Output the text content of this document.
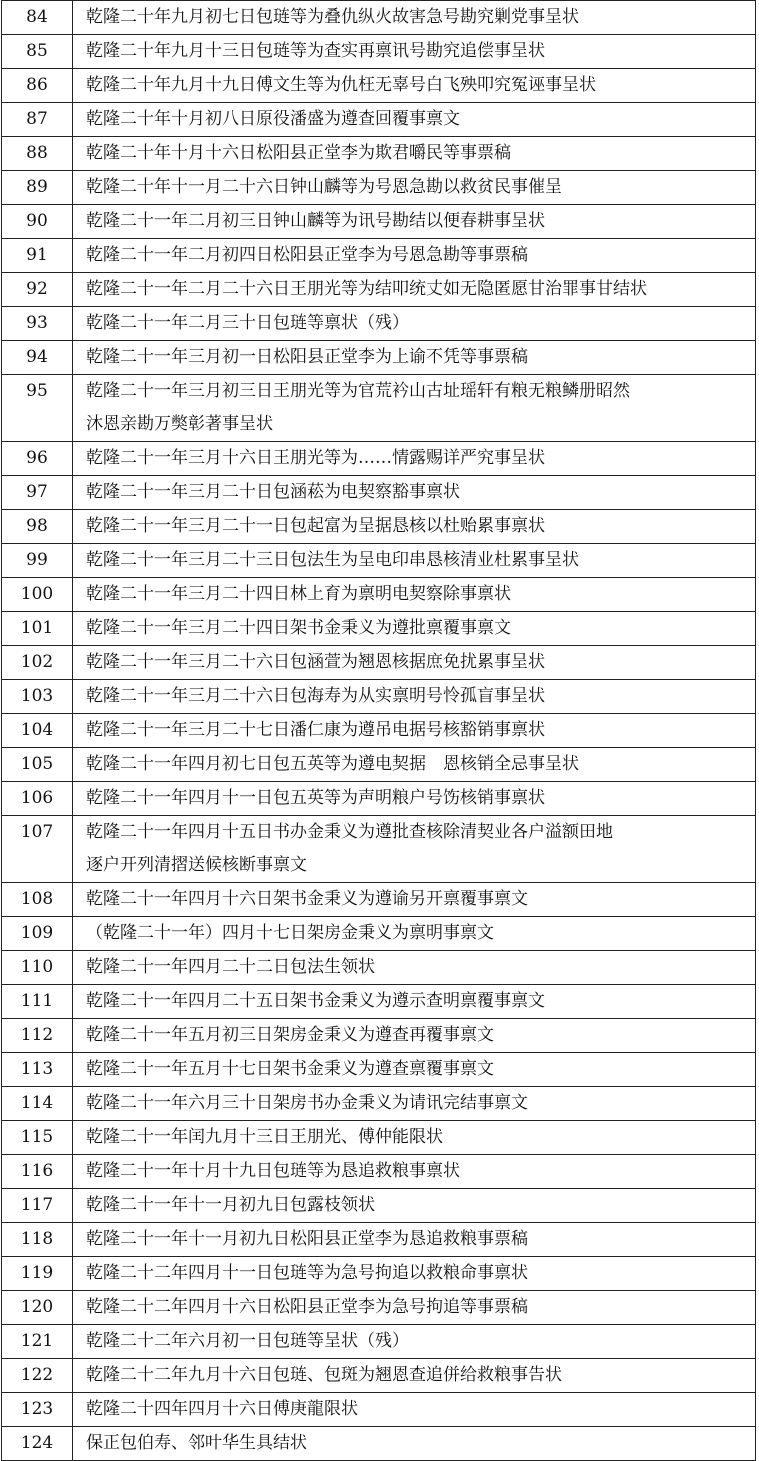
84	乾隆二十年九月初七日包琏等为叠仇纵火故害急号勘究剿党事呈状

85	乾隆二十年九月十三日包琏等为查实再禀讯号勘究追偿事呈状

86	乾隆二十年九月十九日傅文生等为仇枉无辜号白飞殃叩究冤诬事呈状

87	乾隆二十年十月初八日原役潘盛为遵查回覆事禀文

88	乾隆二十年十月十六日松阳县正堂李为欺君嚼民等事票稿

89	乾隆二十年十一月二十六日钟山麟等为号恩急勘以救贫民事催呈

90	乾隆二十一年二月初三日钟山麟等为讯号勘结以便春耕事呈状

91	乾隆二十一年二月初四日松阳县正堂李为号恩急勘等事票稿

92	乾隆二十一年二月二十六日王朋光等为结叩统丈如无隐匿愿甘治罪事甘结状

93	乾隆二十一年二月三十日包琏等禀状（残）

94	乾隆二十一年三月初一日松阳县正堂李为上谕不凭等事票稿

95	乾隆二十一年三月初三日王朋光等为官荒衿山古址瑶轩有粮无粮鳞册昭然
沐恩亲勘万獘彰著事呈状

96	乾隆二十一年三月十六日王朋光等为……情露赐详严究事呈状

97	乾隆二十一年三月二十日包涵菘为电契察豁事禀状

98	乾隆二十一年三月二十一日包起富为呈据恳核以杜贻累事禀状

99	乾隆二十一年三月二十三日包法生为呈电印串恳核清业杜累事呈状

100	乾隆二十一年三月二十四日林上育为禀明电契察除事禀状

101	乾隆二十一年三月二十四日架书金秉义为遵批禀覆事禀文

102	乾隆二十一年三月二十六日包涵萱为翘恩核据庶免扰累事呈状

103	乾隆二十一年三月二十六日包海寿为从实禀明号怜孤盲事呈状

104	乾隆二十一年三月二十七日潘仁康为遵吊电据号核豁销事禀状

105	乾隆二十一年四月初七日包五英等为遵电契据　恩核销全忌事呈状

106	乾隆二十一年四月十一日包五英等为声明粮户号饬核销事禀状

107	乾隆二十一年四月十五日书办金秉义为遵批查核除清契业各户溢额田地
逐户开列清摺送候核断事禀文

108	乾隆二十一年四月十六日架书金秉义为遵谕另开禀覆事禀文

109	（乾隆二十一年）四月十七日架房金秉义为禀明事禀文

110	乾隆二十一年四月二十二日包法生领状

111	乾隆二十一年四月二十五日架书金秉义为遵示查明禀覆事禀文

112	乾隆二十一年五月初三日架房金秉义为遵查再覆事禀文

113	乾隆二十一年五月十七日架书金秉义为遵查禀覆事禀文

114	乾隆二十一年六月三十日架房书办金秉义为请讯完结事禀文

115	乾隆二十一年闰九月十三日王朋光、傅仲能限状

116	乾隆二十一年十月十九日包琏等为恳追救粮事禀状

117	乾隆二十一年十一月初九日包露枝领状

118	乾隆二十一年十一月初九日松阳县正堂李为恳追救粮事票稿

119	乾隆二十二年四月十一日包琏等为急号拘追以救粮命事禀状

120	乾隆二十二年四月十六日松阳县正堂李为急号拘追等事票稿

121	乾隆二十二年六月初一日包琏等呈状（残）

122	乾隆二十二年九月十六日包琏、包斑为翘恩查追併给救粮事告状

123	乾隆二十四年四月十六日傅庚龍限状

124	保正包伯寿、邻叶华生具结状
